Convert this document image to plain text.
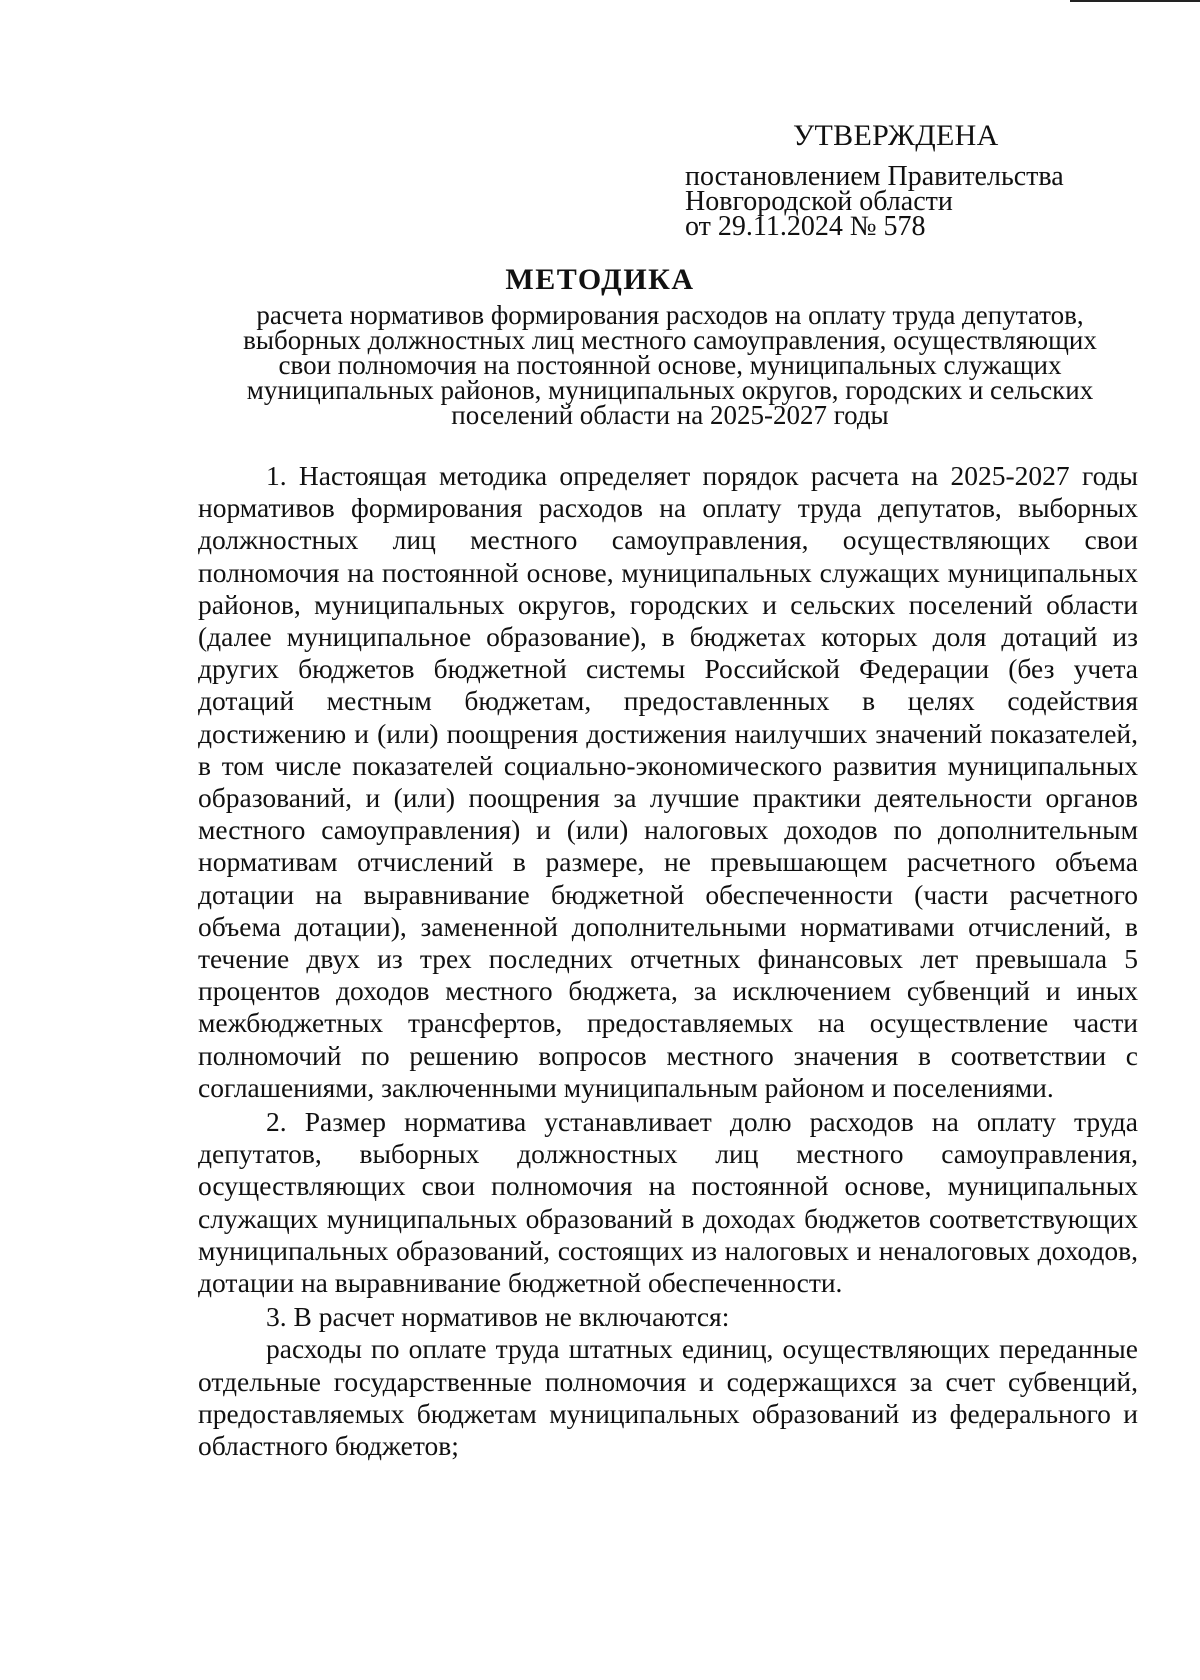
УТВЕРЖДЕНА
постановлением Правительства
Новгородской области
от 29.11.2024 № 578
МЕТОДИКА
расчета нормативов формирования расходов на оплату труда депутатов,
выборных должностных лиц местного самоуправления, осуществляющих
свои полномочия на постоянной основе, муниципальных служащих
муниципальных районов, муниципальных округов, городских и сельских
поселений области на 2025-2027 годы

1. Настоящая методика определяет порядок расчета на 2025-2027 годы нормативов формирования расходов на оплату труда депутатов, выборных должностных лиц местного самоуправления, осуществляющих свои полномочия на постоянной основе, муниципальных служащих муниципальных районов, муниципальных округов, городских и сельских поселений области (далее муниципальное образование), в бюджетах которых доля дотаций из других бюджетов бюджетной системы Российской Федерации (без учета дотаций местным бюджетам, предоставленных в целях содействия достижению и (или) поощрения достижения наилучших значений показателей, в том числе показателей социально-экономического развития муниципальных образований, и (или) поощрения за лучшие практики деятельности органов местного самоуправления) и (или) налоговых доходов по дополнительным нормативам отчислений в размере, не превышающем расчетного объема дотации на выравнивание бюджетной обеспеченности (части расчетного объема дотации), замененной дополнительными нормативами отчислений, в течение двух из трех последних отчетных финансовых лет превышала 5 процентов доходов местного бюджета, за исключением субвенций и иных межбюджетных трансфертов, предоставляемых на осуществление части полномочий по решению вопросов местного значения в соответствии с соглашениями, заключенными муниципальным районом и поселениями.

2. Размер норматива устанавливает долю расходов на оплату труда депутатов, выборных должностных лиц местного самоуправления, осуществляющих свои полномочия на постоянной основе, муниципальных служащих муниципальных образований в доходах бюджетов соответствующих муниципальных образований, состоящих из налоговых и неналоговых доходов, дотации на выравнивание бюджетной обеспеченности.

3. В расчет нормативов не включаются:

расходы по оплате труда штатных единиц, осуществляющих переданные отдельные государственные полномочия и содержащихся за счет субвенций, предоставляемых бюджетам муниципальных образований из федерального и областного бюджетов;
